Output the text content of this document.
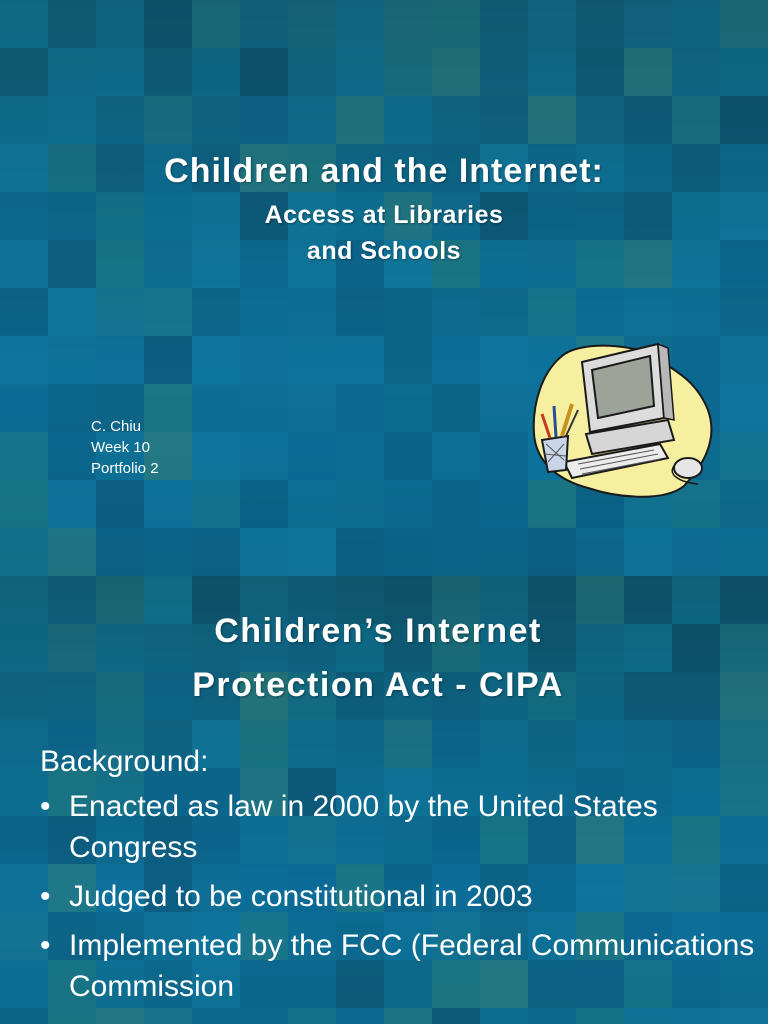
Children and the Internet:
Access at Libraries
and Schools
C. Chiu
Week 10
Portfolio 2
Children’s Internet
Protection Act - CIPA
Background:
• Enacted as law in 2000 by the United States Congress
• Judged to be constitutional in 2003
• Implemented by the FCC (Federal Communications Commission
